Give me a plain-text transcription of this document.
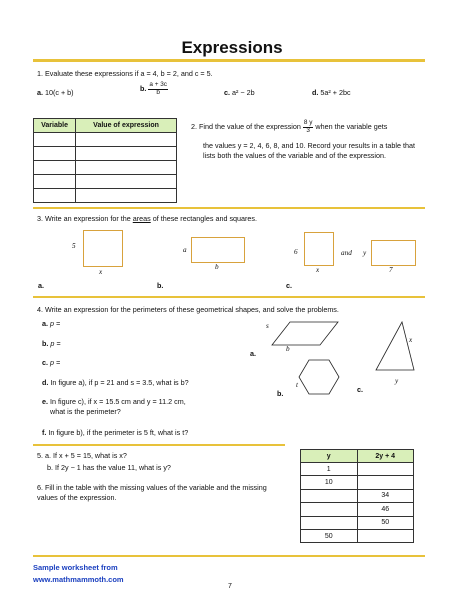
Expressions
1. Evaluate these expressions if a = 4, b = 2, and c = 5.
a. 10(c + b)	b. $\frac{a + 3c}{b}$	c. a² − 2b	d. 5a² + 2bc
Variable	Value of expression

		2. Find the value of the expression $\frac{8 y}{3}$ when the variable gets
the values y = 2, 4, 6, 8, and 10. Record your results in a table that lists both the values of the variable and of the expression.
3. Write an expression for the areas of these rectangles and squares.
5
x
a
b
6
x
and y
7
a.	b.	c.
4. Write an expression for the perimeters of these geometrical shapes, and solve the problems.
a. p =
b. p =
c. p =
d. In figure a), if p = 21 and s = 3.5, what is b?
e. In figure c), if x = 15.5 cm and y = 11.2 cm,
what is the perimeter?
f. In figure b), if the perimeter is 5 ft, what is t?
s
b
a.
t
b.
x
y
c.
5. a. If x + 5 = 15, what is x?
b. If 2y − 1 has the value 11, what is y?
6. Fill in the table with the missing values of the variable and the missing values of the expression.
y	2y + 4
1	
10	
	34
	46
	50
50	
Sample worksheet from
www.mathmammoth.com
7
